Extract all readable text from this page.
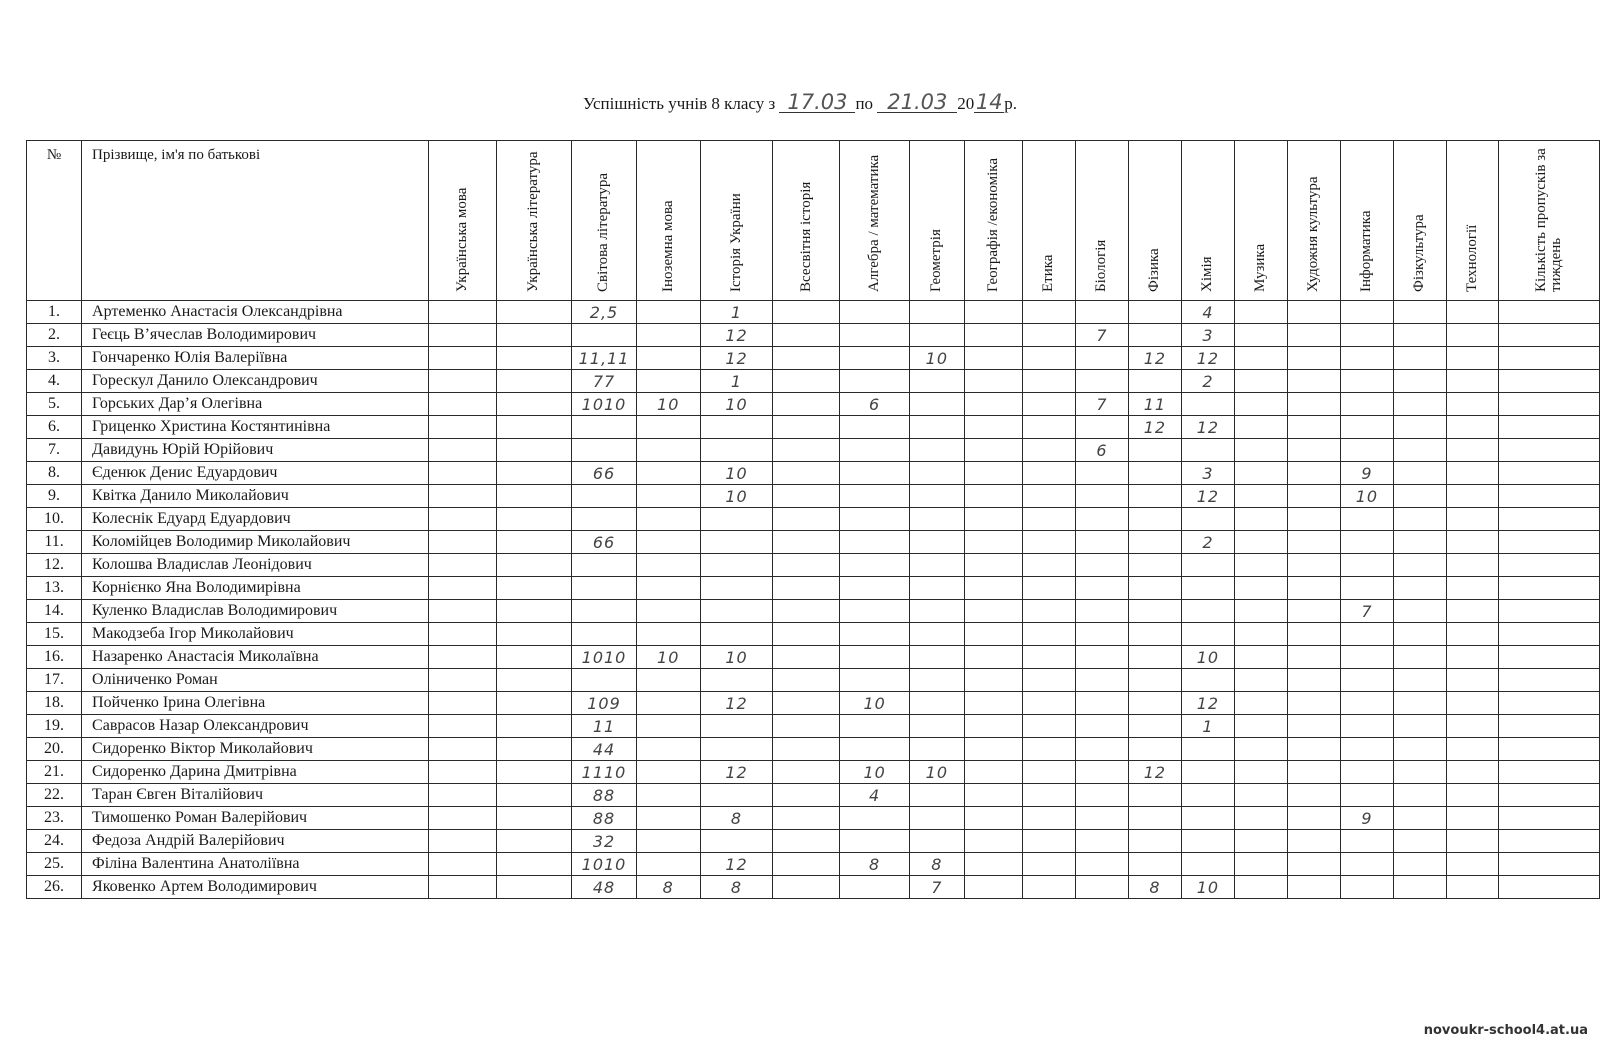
Успішність учнів 8 класу з 17.03 по 21.03 2014р.
№	Прізвище, ім'я по батькові	Українська мова	Українська література	Світова література	Іноземна мова	Історія України	Всесвітня історія	Алгебра / математика	Геометрія	Географія /економіка	Етика	Біологія	Фізика	Хімія	Музика	Художня культура	Інформатика	Фізкультура	Технології	Кількість пропусків за тиждень

1.	Артеменко Анастасія Олександрівна			2,5		1								4						
2.	Геєць В’ячеслав Володимирович					12						7		3						
3.	Гончаренко Юлія Валеріївна			11,11		12			10				12	12						
4.	Горескул Данило Олександрович			77		1								2						
5.	Горських Дар’я Олегівна			1010	10	10		6				7	11							
6.	Гриценко Христина Костянтинівна												12	12						
7.	Давидунь Юрій Юрійович											6								
8.	Єденюк Денис Едуардович			66		10								3			9			
9.	Квітка Данило Миколайович					10								12			10			
10.	Колеснік Едуард Едуардович																			
11.	Коломійцев Володимир Миколайович			66										2						
12.	Колошва Владислав Леонідович																			
13.	Корнієнко Яна Володимирівна																			
14.	Куленко Владислав Володимирович																7			
15.	Макодзеба Ігор Миколайович																			
16.	Назаренко Анастасія Миколаївна			1010	10	10								10						
17.	Оліниченко Роман																			
18.	Пойченко Ірина Олегівна			109		12		10						12						
19.	Саврасов Назар Олександрович			11										1						
20.	Сидоренко Віктор Миколайович			44																
21.	Сидоренко Дарина Дмитрівна			1110		12		10	10				12							
22.	Таран Євген Віталійович			88				4												
23.	Тимошенко Роман Валерійович			88		8											9			
24.	Федоза Андрій Валерійович			32																
25.	Філіна Валентина Анатоліївна			1010		12		8	8											
26.	Яковенко Артем Володимирович			48	8	8			7				8	10						
novoukr-school4.at.ua
